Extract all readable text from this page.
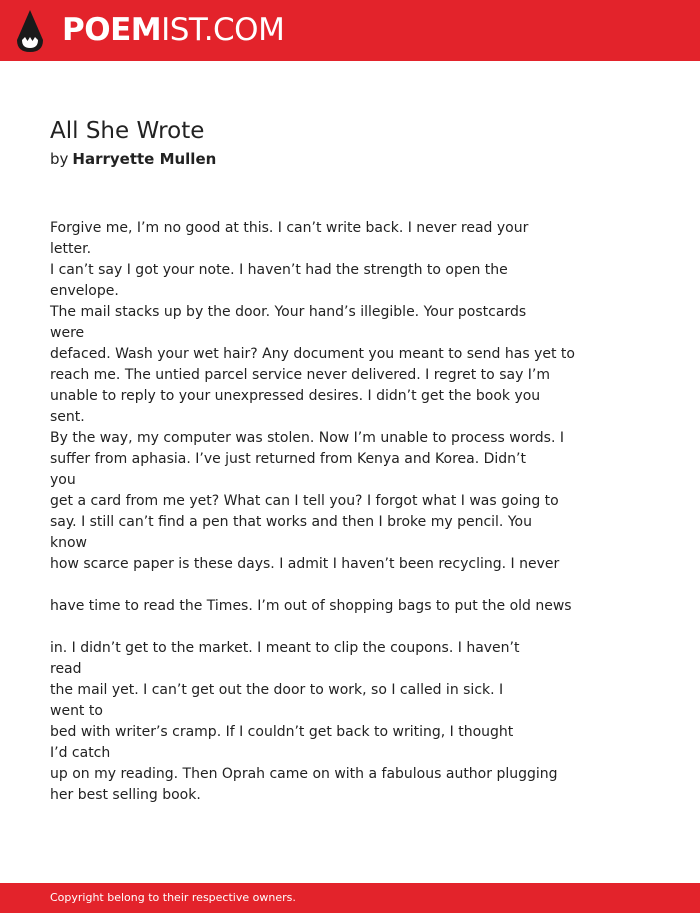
POEMIST.COM
All She Wrote
by Harryette Mullen
Forgive me, I’m no good at this. I can’t write back. I never read your
letter.
I can’t say I got your note. I haven’t had the strength to open the
envelope.
The mail stacks up by the door. Your hand’s illegible. Your postcards
were
defaced. Wash your wet hair? Any document you meant to send has yet to
reach me. The untied parcel service never delivered. I regret to say I’m
unable to reply to your unexpressed desires. I didn’t get the book you
sent.
By the way, my computer was stolen. Now I’m unable to process words. I
suffer from aphasia. I’ve just returned from Kenya and Korea. Didn’t
you
get a card from me yet? What can I tell you? I forgot what I was going to
say. I still can’t find a pen that works and then I broke my pencil. You
know
how scarce paper is these days. I admit I haven’t been recycling. I never
have time to read the Times. I’m out of shopping bags to put the old news
in. I didn’t get to the market. I meant to clip the coupons. I haven’t
read
the mail yet. I can’t get out the door to work, so I called in sick. I
went to
bed with writer’s cramp. If I couldn’t get back to writing, I thought
I’d catch
up on my reading. Then Oprah came on with a fabulous author plugging
her best selling book.
Copyright belong to their respective owners.
